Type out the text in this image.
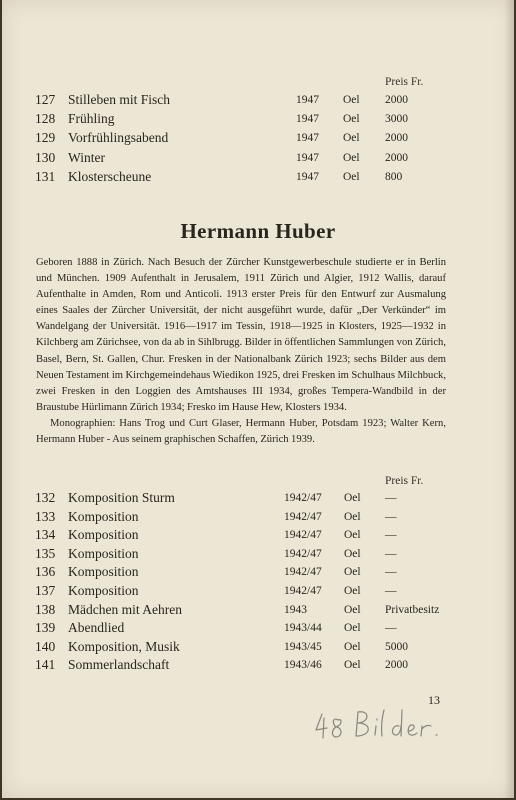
Preis Fr.
127 Stilleben mit Fisch	1947 Oel 2000
128 Frühling	1947 Oel 3000
129 Vorfrühlingsabend	1947 Oel 2000
130 Winter	1947 Oel 2000
131 Klosterscheune	1947 Oel 800
Hermann Huber

Geboren 1888 in Zürich. Nach Besuch der Zürcher Kunstgewerbeschule studierte er in Berlin und München. 1909 Aufenthalt in Jerusalem, 1911 Zürich und Algier, 1912 Wallis, darauf Aufenthalte in Amden, Rom und Anticoli. 1913 erster Preis für den Entwurf zur Ausmalung eines Saales der Zürcher Universität, der nicht ausgeführt wurde, dafür „Der Verkünder“ im Wandelgang der Universität. 1916—1917 im Tessin, 1918—1925 in Klosters, 1925—1932 in Kilchberg am Zürichsee, von da ab in Sihlbrugg. Bilder in öffentlichen Sammlungen von Zürich, Basel, Bern, St. Gallen, Chur. Fresken in der Nationalbank Zürich 1923; sechs Bilder aus dem Neuen Testament im Kirchgemeindehaus Wiedikon 1925, drei Fresken im Schulhaus Milchbuck, zwei Fresken in den Loggien des Amtshauses III 1934, großes Tempera-Wandbild in der Braustube Hürlimann Zürich 1934; Fresko im Hause Hew, Klosters 1934.

Monographien: Hans Trog und Curt Glaser, Hermann Huber, Potsdam 1923; Walter Kern, Hermann Huber - Aus seinem graphischen Schaffen, Zürich 1939.

Preis Fr.
132 Komposition Sturm	1942/47 Oel —
133 Komposition	1942/47 Oel —
134 Komposition	1942/47 Oel —
135 Komposition	1942/47 Oel —
136 Komposition	1942/47 Oel —
137 Komposition	1942/47 Oel —
138 Mädchen mit Aehren	1943	Oel Privatbesitz
139 Abendlied	1943/44 Oel —
140 Komposition, Musik	1943/45 Oel 5000
141 Sommerlandschaft	1943/46 Oel 2000
13
